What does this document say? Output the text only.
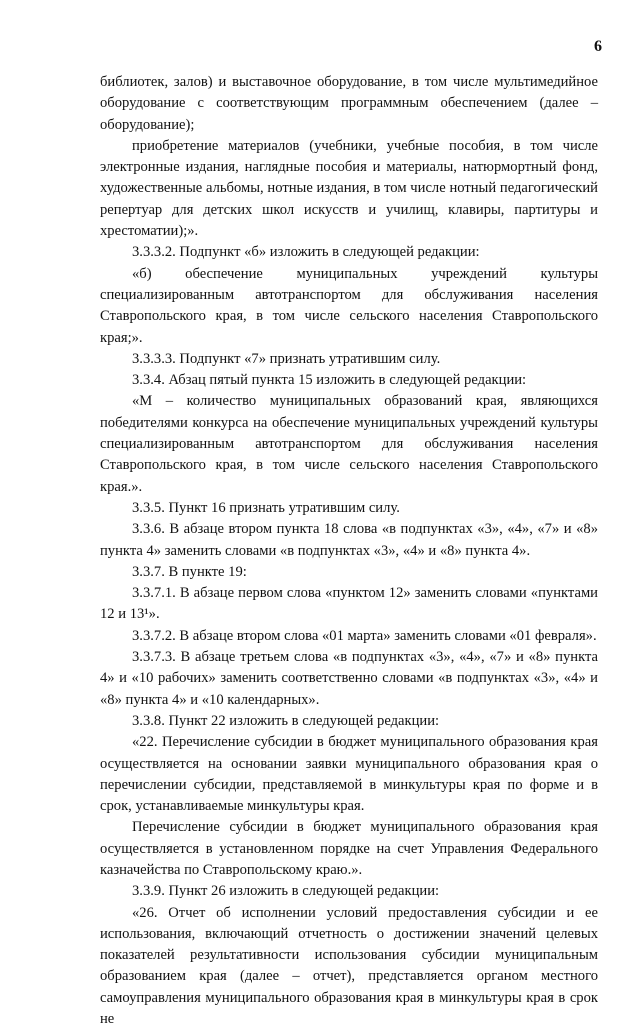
6

библиотек, залов) и выставочное оборудование, в том числе мультимедийное оборудование с соответствующим программным обеспечением (далее – оборудование);

приобретение материалов (учебники, учебные пособия, в том числе электронные издания, наглядные пособия и материалы, натюрмортный фонд, художественные альбомы, нотные издания, в том числе нотный педагогический репертуар для детских школ искусств и училищ, клавиры, партитуры и хрестоматии);».

3.3.3.2. Подпункт «б» изложить в следующей редакции:

«б) обеспечение муниципальных учреждений культуры специализированным автотранспортом для обслуживания населения Ставропольского края, в том числе сельского населения Ставропольского края;».

3.3.3.3. Подпункт «7» признать утратившим силу.

3.3.4. Абзац пятый пункта 15 изложить в следующей редакции:

«M – количество муниципальных образований края, являющихся победителями конкурса на обеспечение муниципальных учреждений культуры специализированным автотранспортом для обслуживания населения Ставропольского края, в том числе сельского населения Ставропольского края.».

3.3.5. Пункт 16 признать утратившим силу.

3.3.6. В абзаце втором пункта 18 слова «в подпунктах «3», «4», «7» и «8» пункта 4» заменить словами «в подпунктах «3», «4» и «8» пункта 4».

3.3.7. В пункте 19:

3.3.7.1. В абзаце первом слова «пунктом 12» заменить словами «пунктами 12 и 13¹».

3.3.7.2. В абзаце втором слова «01 марта» заменить словами «01 февраля».

3.3.7.3. В абзаце третьем слова «в подпунктах «3», «4», «7» и «8» пункта 4» и «10 рабочих» заменить соответственно словами «в подпунктах «3», «4» и «8» пункта 4» и «10 календарных».

3.3.8. Пункт 22 изложить в следующей редакции:

«22. Перечисление субсидии в бюджет муниципального образования края осуществляется на основании заявки муниципального образования края о перечислении субсидии, представляемой в минкультуры края по форме и в срок, устанавливаемые минкультуры края.

Перечисление субсидии в бюджет муниципального образования края осуществляется в установленном порядке на счет Управления Федерального казначейства по Ставропольскому краю.».

3.3.9. Пункт 26 изложить в следующей редакции:

«26. Отчет об исполнении условий предоставления субсидии и ее использования, включающий отчетность о достижении значений целевых показателей результативности использования субсидии муниципальным образованием края (далее – отчет), представляется органом местного самоуправления муниципального образования края в минкультуры края в срок не
